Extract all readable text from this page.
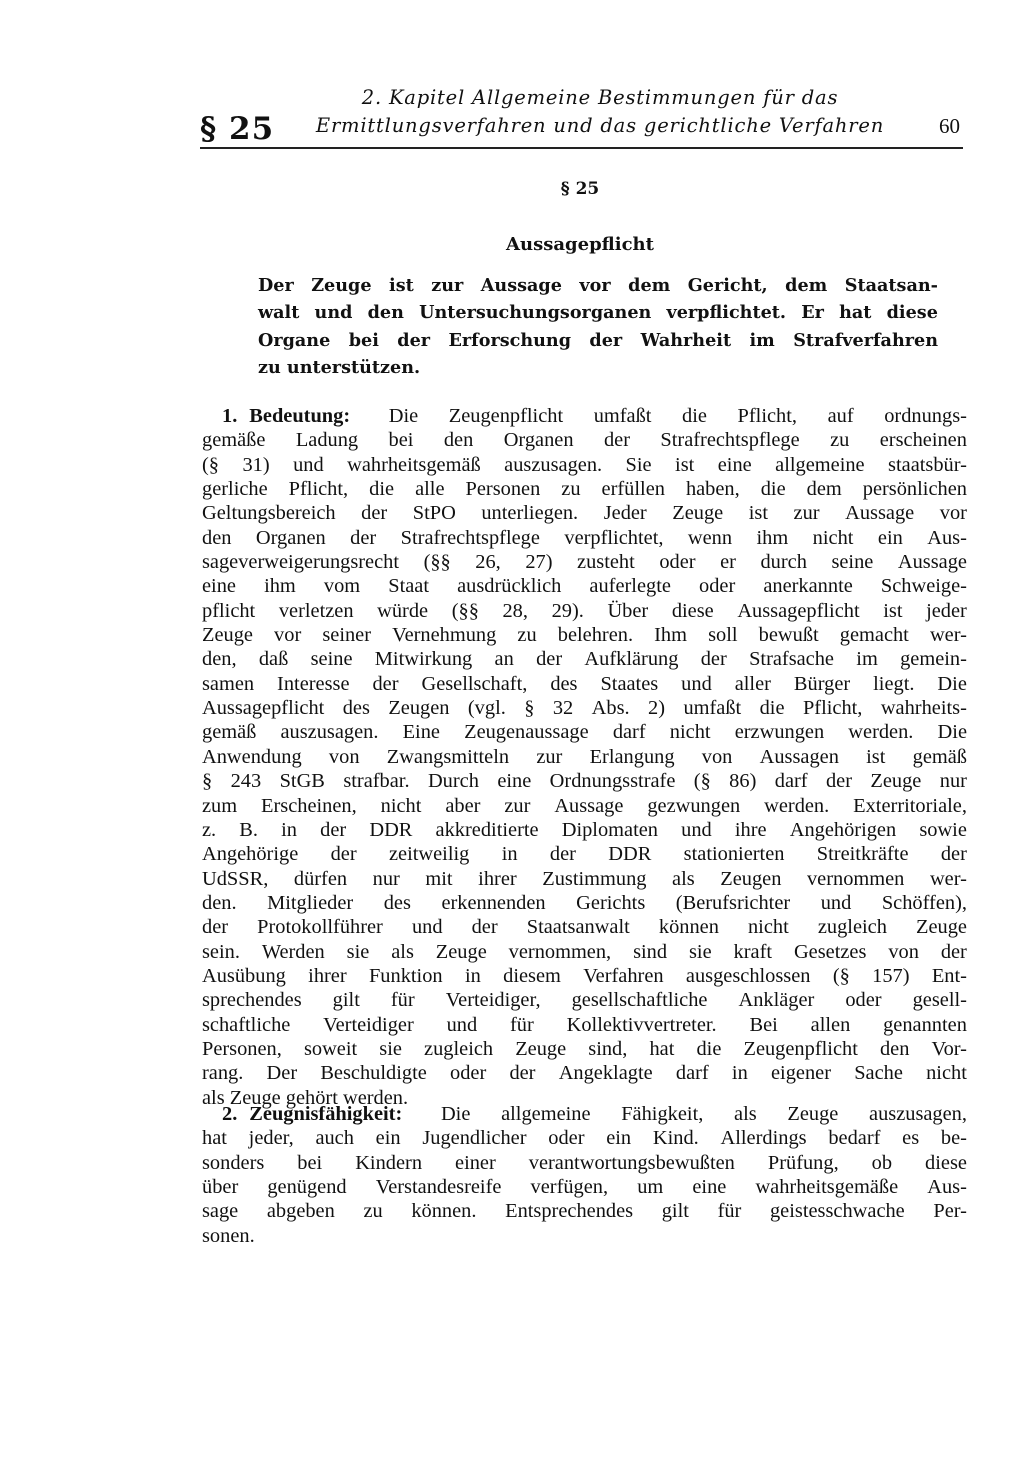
§ 25
2. Kapitel Allgemeine Bestimmungen für das
Ermittlungsverfahren und das gerichtliche Verfahren	60
§ 25
Aussagepflicht
Der Zeuge ist zur Aussage vor dem Gericht, dem Staatsan-
walt und den Untersuchungsorganen verpflichtet. Er hat diese
Organe bei der Erforschung der Wahrheit im Strafverfahren
zu unterstützen.
1. Bedeutung:	Die Zeugenpflicht umfaßt die Pflicht, auf ordnungs-
gemäße Ladung bei den Organen der Strafrechtspflege zu erscheinen
(§ 31) und wahrheitsgemäß auszusagen. Sie ist eine allgemeine staatsbür-
gerliche Pflicht, die alle Personen zu erfüllen haben, die dem persönlichen
Geltungsbereich der StPO unterliegen. Jeder Zeuge ist zur Aussage vor
den Organen der Strafrechtspflege verpflichtet, wenn ihm nicht ein Aus-
sageverweigerungsrecht (§§ 26, 27) zusteht oder er durch seine Aussage
eine ihm vom Staat ausdrücklich auferlegte oder anerkannte Schweige-
pflicht verletzen würde (§§ 28, 29). Über diese Aussagepflicht ist jeder
Zeuge vor seiner Vernehmung zu belehren. Ihm soll bewußt gemacht wer-
den, daß seine Mitwirkung an der Aufklärung der Strafsache im gemein-
samen Interesse der Gesellschaft, des Staates und aller Bürger liegt. Die
Aussagepflicht des Zeugen (vgl. § 32 Abs. 2) umfaßt die Pflicht, wahrheits-
gemäß auszusagen. Eine Zeugenaussage darf nicht erzwungen werden. Die
Anwendung von Zwangsmitteln zur Erlangung von Aussagen ist gemäß
§ 243 StGB strafbar. Durch eine Ordnungsstrafe (§ 86) darf der Zeuge nur
zum Erscheinen, nicht aber zur Aussage gezwungen werden. Exterritoriale,
z. B. in der DDR akkreditierte Diplomaten und ihre Angehörigen sowie
Angehörige der zeitweilig in der DDR stationierten Streitkräfte der
UdSSR, dürfen nur mit ihrer Zustimmung als Zeugen vernommen wer-
den. Mitglieder des erkennenden Gerichts (Berufsrichter und Schöffen),
der Protokollführer und der Staatsanwalt können nicht zugleich Zeuge
sein. Werden sie als Zeuge vernommen, sind sie kraft Gesetzes von der
Ausübung ihrer Funktion in diesem Verfahren ausgeschlossen (§ 157) Ent-
sprechendes gilt für Verteidiger, gesellschaftliche Ankläger oder gesell-
schaftliche Verteidiger und für Kollektivvertreter. Bei allen genannten
Personen, soweit sie zugleich Zeuge sind, hat die Zeugenpflicht den Vor-
rang. Der Beschuldigte oder der Angeklagte darf in eigener Sache nicht
als Zeuge gehört werden.
2. Zeugnisfähigkeit:	Die allgemeine Fähigkeit, als Zeuge auszusagen,
hat jeder, auch ein Jugendlicher oder ein Kind. Allerdings bedarf es be-
sonders bei Kindern einer verantwortungsbewußten Prüfung, ob diese
über genügend Verstandesreife verfügen, um eine wahrheitsgemäße Aus-
sage abgeben zu können. Entsprechendes gilt für geistesschwache Per-
sonen.
